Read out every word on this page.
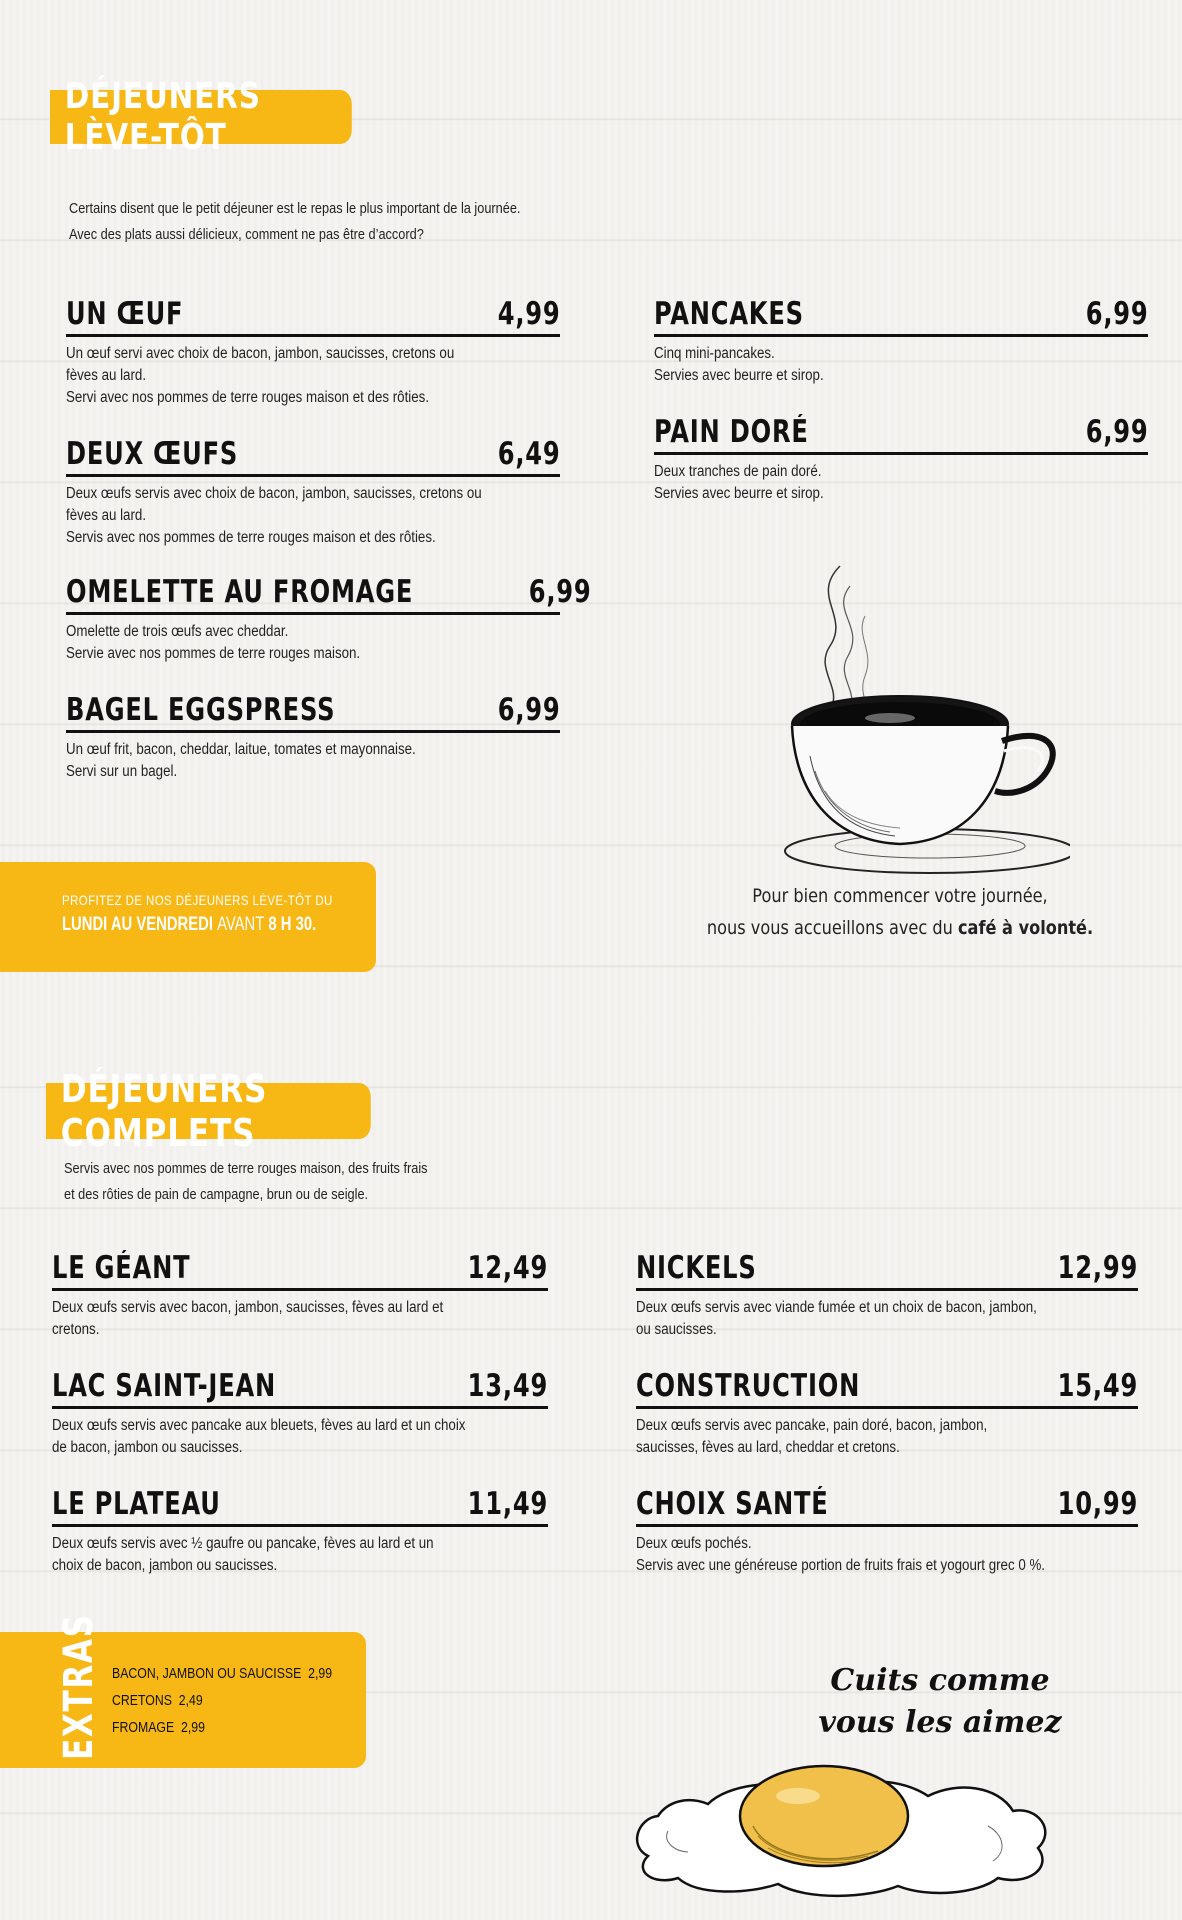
DÉJEUNERS LÈVE-TÔT
Certains disent que le petit déjeuner est le repas le plus important de la journée.
Avec des plats aussi délicieux, comment ne pas être d’accord?
UN ŒUF	4,99
Un œuf servi avec choix de bacon, jambon, saucisses, cretons ou
fèves au lard.
Servi avec nos pommes de terre rouges maison et des rôties.
DEUX ŒUFS	6,49
Deux œufs servis avec choix de bacon, jambon, saucisses, cretons ou
fèves au lard.
Servis avec nos pommes de terre rouges maison et des rôties.
OMELETTE AU FROMAGE	6,99
Omelette de trois œufs avec cheddar.
Servie avec nos pommes de terre rouges maison.
BAGEL EGGSPRESS	6,99
Un œuf frit, bacon, cheddar, laitue, tomates et mayonnaise.
Servi sur un bagel.
PANCAKES	6,99
Cinq mini-pancakes.
Servies avec beurre et sirop.
PAIN DORÉ	6,99
Deux tranches de pain doré.
Servies avec beurre et sirop.
PROFITEZ DE NOS DÉJEUNERS LÈVE-TÔT DU
LUNDI AU VENDREDI AVANT 8 H 30.
Pour bien commencer votre journée,
nous vous accueillons avec du café à volonté.
DÉJEUNERS COMPLETS
Servis avec nos pommes de terre rouges maison, des fruits frais
et des rôties de pain de campagne, brun ou de seigle.
LE GÉANT	12,49
Deux œufs servis avec bacon, jambon, saucisses, fèves au lard et
cretons.
LAC SAINT-JEAN	13,49
Deux œufs servis avec pancake aux bleuets, fèves au lard et un choix
de bacon, jambon ou saucisses.
LE PLATEAU	11,49
Deux œufs servis avec ½ gaufre ou pancake, fèves au lard et un
choix de bacon, jambon ou saucisses.
NICKELS	12,99
Deux œufs servis avec viande fumée et un choix de bacon, jambon,
ou saucisses.
CONSTRUCTION	15,49
Deux œufs servis avec pancake, pain doré, bacon, jambon,
saucisses, fèves au lard, cheddar et cretons.
CHOIX SANTÉ	10,99
Deux œufs pochés.
Servis avec une généreuse portion de fruits frais et yogourt grec 0 %.
EXTRAS BACON, JAMBON OU SAUCISSE 2,99
CRETONS 2,49
FROMAGE 2,99
Cuits comme
vous les aimez
